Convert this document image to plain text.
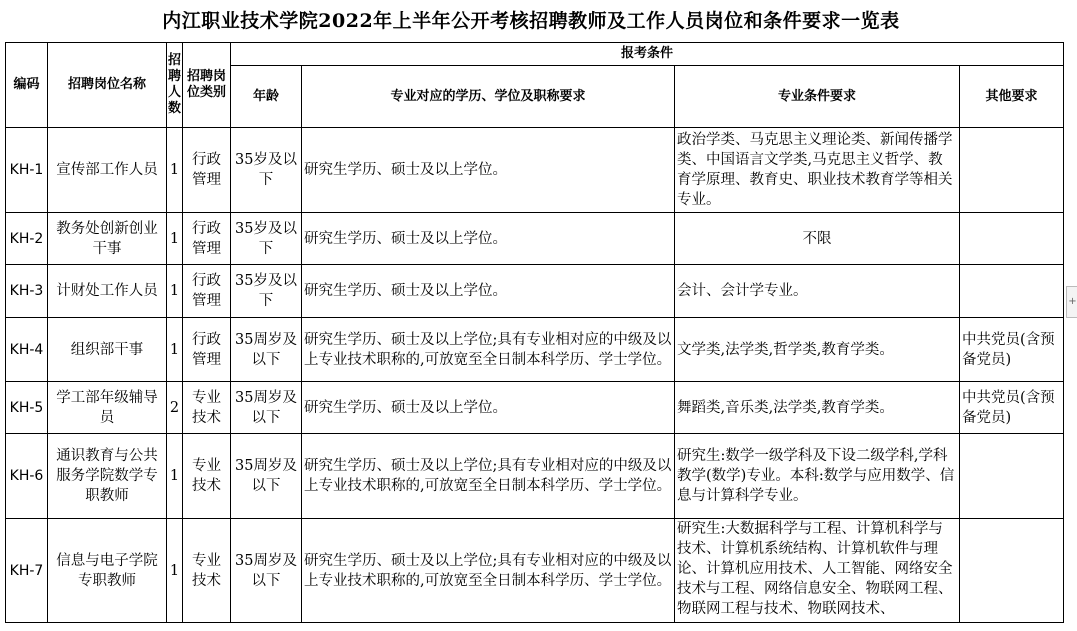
内江职业技术学院2022年上半年公开考核招聘教师及工作人员岗位和条件要求一览表
编码	招聘岗位名称	招聘人数	招聘岗位类别	报考条件			
				年龄	专业对应的学历、学位及职称要求	专业条件要求	其他要求
KH-1	宣传部工作人员	1	行政管理	35岁及以下	研究生学历、硕士及以上学位。	政治学类、马克思主义理论类、新闻传播学类、中国语言文学类,马克思主义哲学、教育学原理、教育史、职业技术教育学等相关专业。	
KH-2	教务处创新创业干事	1	行政管理	35岁及以下	研究生学历、硕士及以上学位。	不限	
KH-3	计财处工作人员	1	行政管理	35岁及以下	研究生学历、硕士及以上学位。	会计、会计学专业。	
KH-4	组织部干事	1	行政管理	35周岁及以下	研究生学历、硕士及以上学位;具有专业相对应的中级及以上专业技术职称的,可放宽至全日制本科学历、学士学位。	文学类,法学类,哲学类,教育学类。	中共党员(含预备党员)
KH-5	学工部年级辅导员	2	专业技术	35周岁及以下	研究生学历、硕士及以上学位。	舞蹈类,音乐类,法学类,教育学类。	中共党员(含预备党员)
KH-6	通识教育与公共服务学院数学专职教师	1	专业技术	35周岁及以下	研究生学历、硕士及以上学位;具有专业相对应的中级及以上专业技术职称的,可放宽至全日制本科学历、学士学位。	研究生:数学一级学科及下设二级学科,学科教学(数学)专业。本科:数学与应用数学、信息与计算科学专业。	
KH-7	信息与电子学院专职教师	1	专业技术	35周岁及以下	研究生学历、硕士及以上学位;具有专业相对应的中级及以上专业技术职称的,可放宽至全日制本科学历、学士学位。	研究生:大数据科学与工程、计算机科学与技术、计算机系统结构、计算机软件与理论、计算机应用技术、人工智能、网络安全技术与工程、网络信息安全、物联网工程、物联网工程与技术、物联网技术、	
+
